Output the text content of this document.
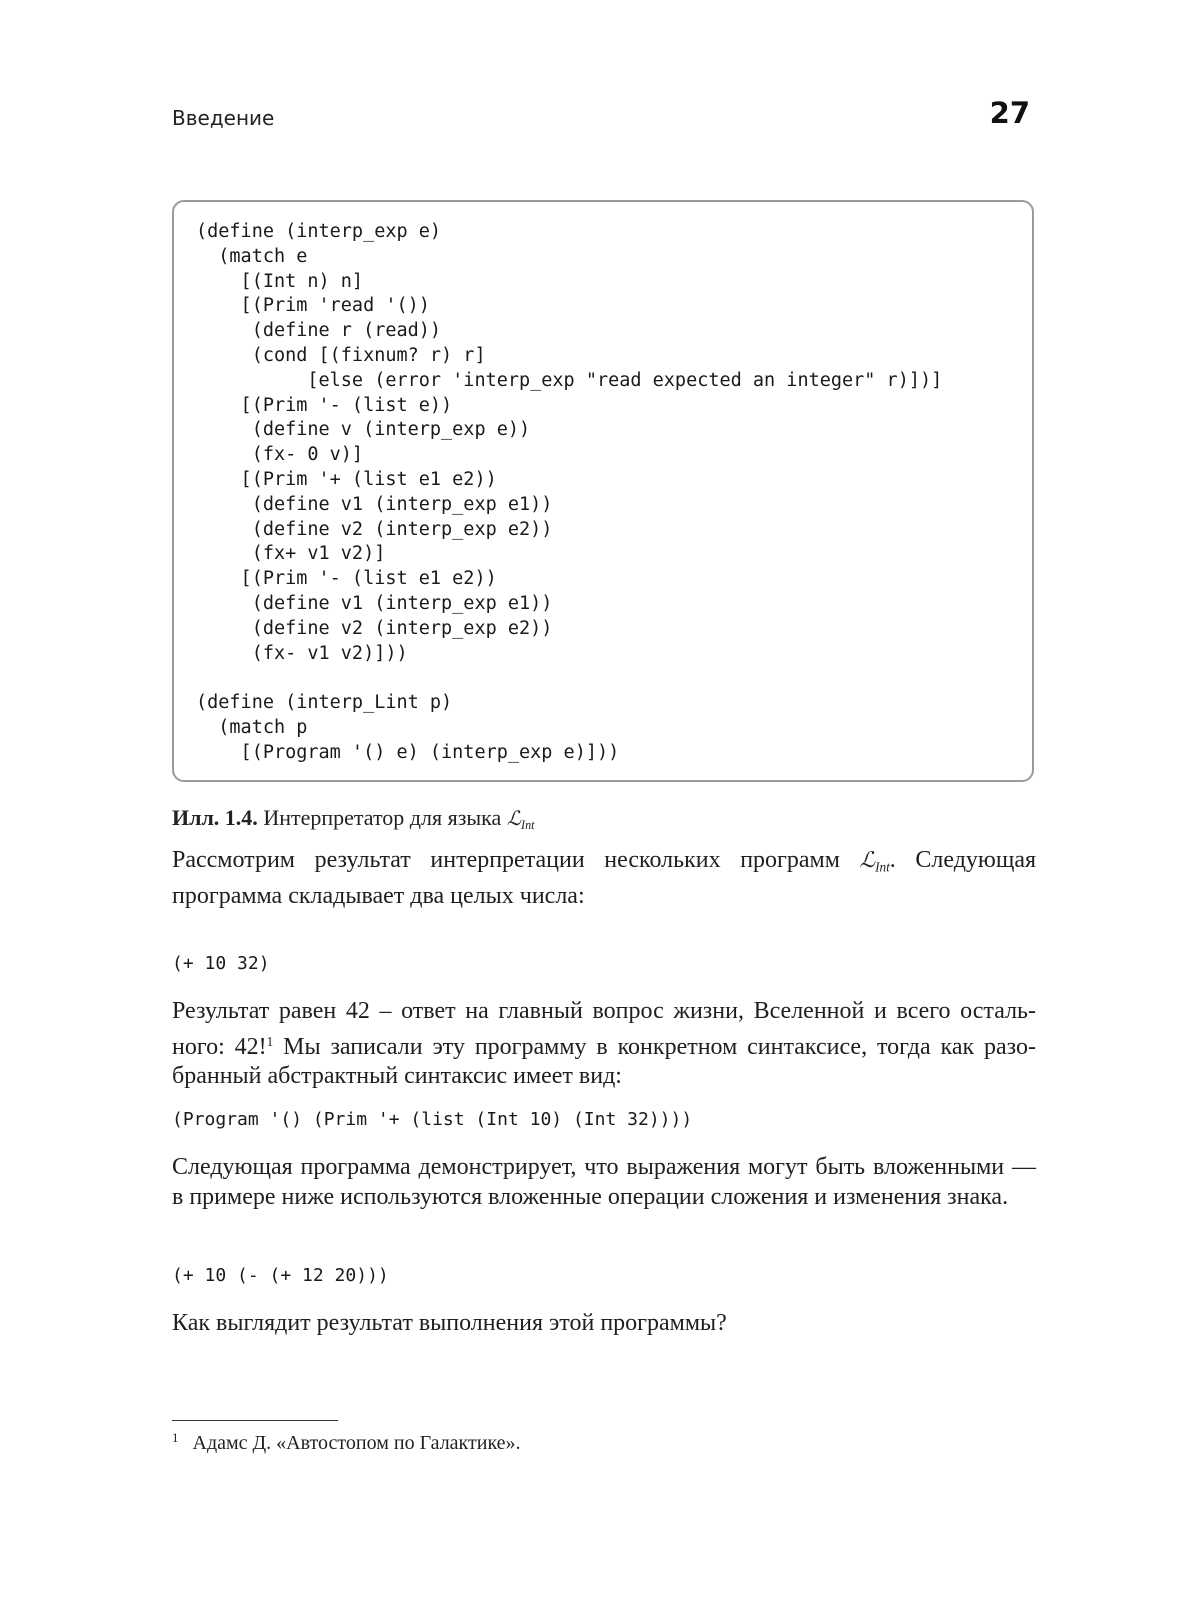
Введение	27
(define (interp_exp e)
(match e
[(Int n) n]
[(Prim 'read '())
(define r (read))
(cond [(fixnum? r) r]
[else (error 'interp_exp "read expected an integer" r)])]
[(Prim '- (list e))
(define v (interp_exp e))
(fx- 0 v)]
[(Prim '+ (list e1 e2))
(define v1 (interp_exp e1))
(define v2 (interp_exp e2))
(fx+ v1 v2)]
[(Prim '- (list e1 e2))
(define v1 (interp_exp e1))
(define v2 (interp_exp e2))
(fx- v1 v2)]))

(define (interp_Lint p)
(match p
[(Program '() e) (interp_exp e)]))
Илл. 1.4. Интерпретатор для языка ℒInt

Рассмотрим результат интерпретации нескольких программ ℒInt. Следующая программа складывает два целых числа:

(+ 10 32)

Результат равен 42 – ответ на главный вопрос жизни, Вселенной и всего остального: 42!$^1$ Мы записали эту программу в конкретном синтаксисе, тогда как разобранный абстрактный синтаксис имеет вид:

(Program '() (Prim '+ (list (Int 10) (Int 32))))

Следующая программа демонстрирует, что выражения могут быть вложенными — в примере ниже используются вложенные операции сложения и изменения знака.

(+ 10 (- (+ 12 20)))

Как выглядит результат выполнения этой программы?

$^1$ Адамс Д. «Автостопом по Галактике».
